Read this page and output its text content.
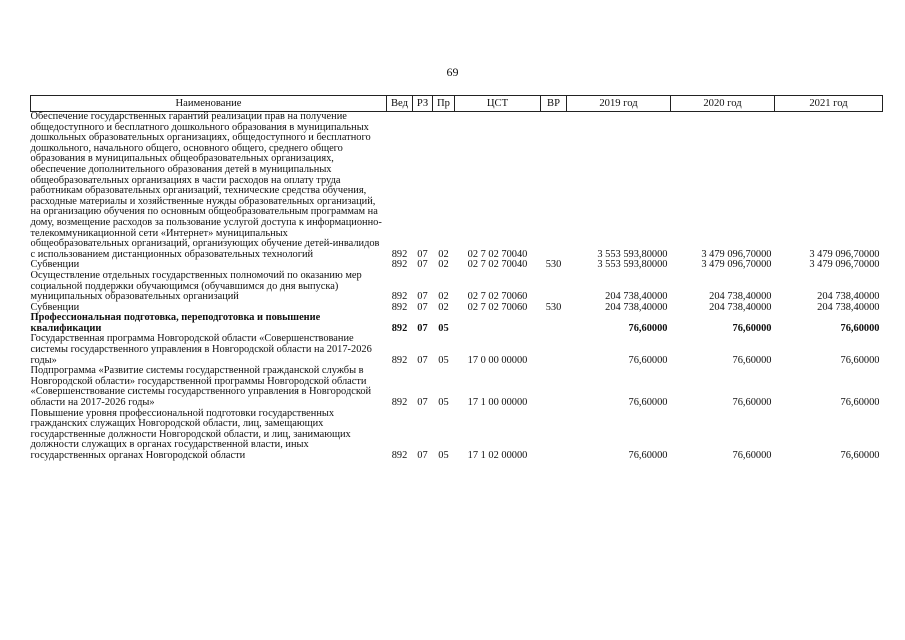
69
Наименование	Вед	РЗ	Пр	ЦСТ	ВР	2019 год	2020 год	2021 год
Обеспечение государственных гарантий реализации прав на получение общедоступного и бесплатного дошкольного образования в муниципальных дошкольных образовательных организациях, общедоступного и бесплатного дошкольного, начального общего, основного общего, среднего общего образования в муниципальных общеобразовательных организациях, обеспечение дополнительного образования детей в муниципальных общеобразовательных организациях в части расходов на оплату труда работникам образовательных организаций, технические средства обучения, расходные материалы и хозяйственные нужды образовательных организаций, на организацию обучения по основным общеобразовательным программам на дому, возмещение расходов за пользование услугой доступа к информационно-телекоммуникационной сети «Интернет» муниципальных общеобразовательных организаций, организующих обучение детей-инвалидов с использованием дистанционных образовательных технологий	892	07	02	02 7 02 70040		3 553 593,80000	3 479 096,70000	3 479 096,70000
Субвенции	892	07	02	02 7 02 70040	530	3 553 593,80000	3 479 096,70000	3 479 096,70000
Осуществление отдельных государственных полномочий по оказанию мер социальной поддержки обучающимся (обучавшимся до дня выпуска) муниципальных образовательных организаций	892	07	02	02 7 02 70060		204 738,40000	204 738,40000	204 738,40000
Субвенции	892	07	02	02 7 02 70060	530	204 738,40000	204 738,40000	204 738,40000
Профессиональная подготовка, переподготовка и повышение квалификации	892	07	05			76,60000	76,60000	76,60000
Государственная программа Новгородской области «Совершенствование системы государственного управления в Новгородской области на 2017-2026 годы»	892	07	05	17 0 00 00000		76,60000	76,60000	76,60000
Подпрограмма «Развитие системы государственной гражданской службы в Новгородской области» государственной программы Новгородской области «Совершенствование системы государственного управления в Новгородской области на 2017-2026 годы»	892	07	05	17 1 00 00000		76,60000	76,60000	76,60000
Повышение уровня профессиональной подготовки государственных гражданских служащих Новгородской области, лиц, замещающих государственные должности Новгородской области, и лиц, занимающих должности служащих в органах государственной власти, иных государственных органах Новгородской области	892	07	05	17 1 02 00000		76,60000	76,60000	76,60000
